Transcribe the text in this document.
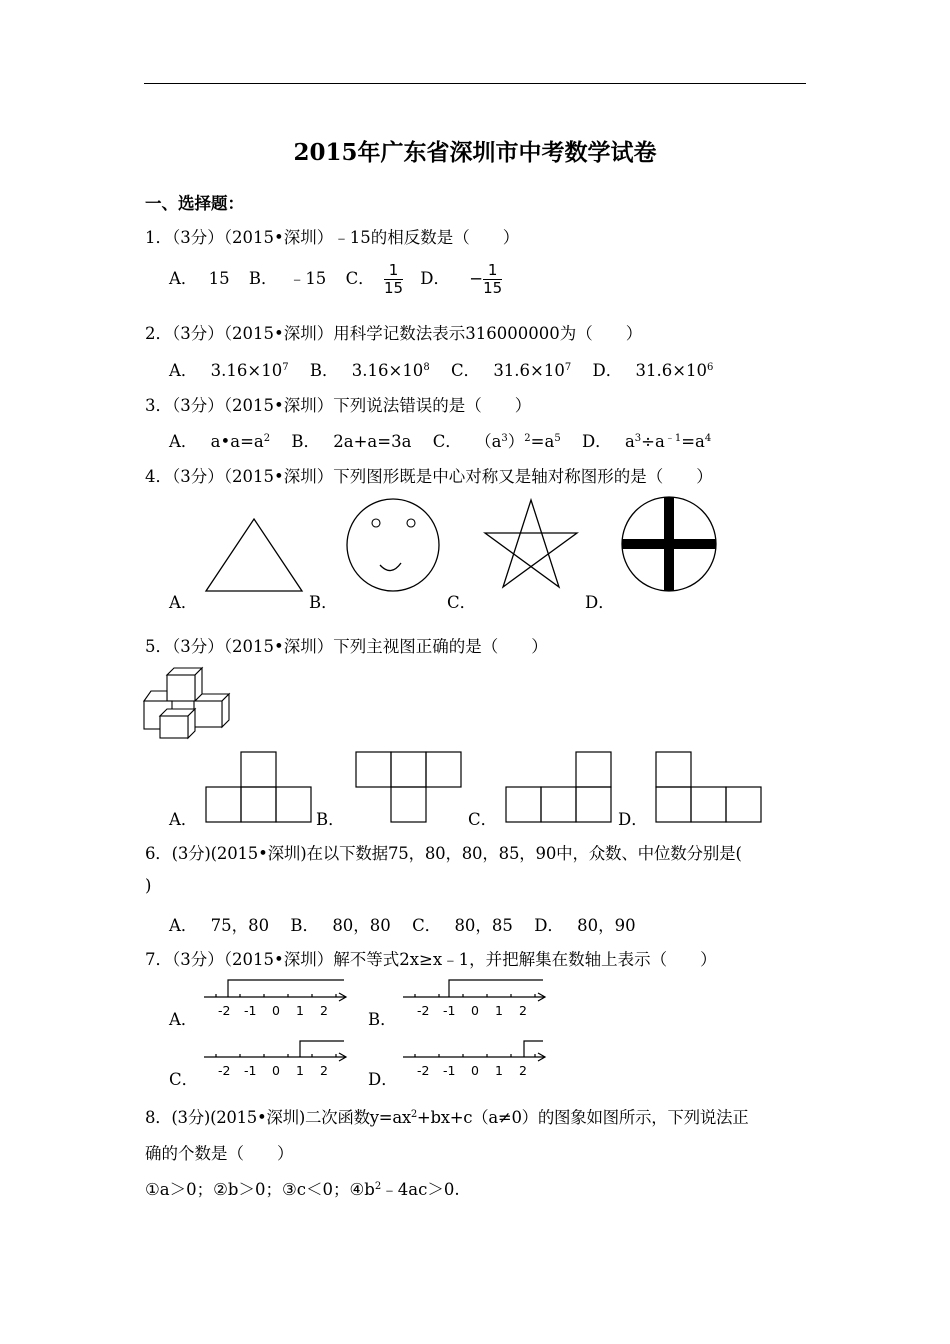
2015年广东省深圳市中考数学试卷
一、选择题：
1．（3分）（2015•深圳）﹣15的相反数是（　　）
A． 15 B． ﹣15 C． $\frac{1}{15}$ D． − $\frac{1}{15}$
2．（3分）（2015•深圳）用科学记数法表示316000000为（　　）
A． $3.16\times 10^7$ B． $3.16\times 10^8$ C． $31.6\times 10^7$ D． $31.6\times 10^6$
3．（3分）（2015•深圳）下列说法错误的是（　　）
A． $a•a=a^2$ B． 2a+a=3a C． $(a^3)^2=a^5$ D． $a^3\div a^{﹣1}=a^4$
4．（3分）（2015•深圳）下列图形既是中心对称又是轴对称图形的是（　　）
A．	B．	C．	D．
5．（3分）（2015•深圳）下列主视图正确的是（　　）
A．	B．	C．	D．
6．(3分)(2015•深圳)在以下数据75，80，80，85，90中，众数、中位数分别是(
)
A． 75，80 B． 80，80 C． 80，85 D． 80，90
7．（3分）（2015•深圳）解不等式2x≥x﹣1，并把解集在数轴上表示（　　）
-2 -1 0 1 2	-2 -1 0 1 2
A．	B．
-2 -1 0 1 2	-2 -1 0 1 2
C．	D．
8．(3分)(2015•深圳)二次函数$y=ax^2+bx+c(a\ne 0)$的图象如图所示，下列说法正
确的个数是（　　）
①a＞0；②b＞0；③c＜0；$④b^2﹣4ac>0$.
